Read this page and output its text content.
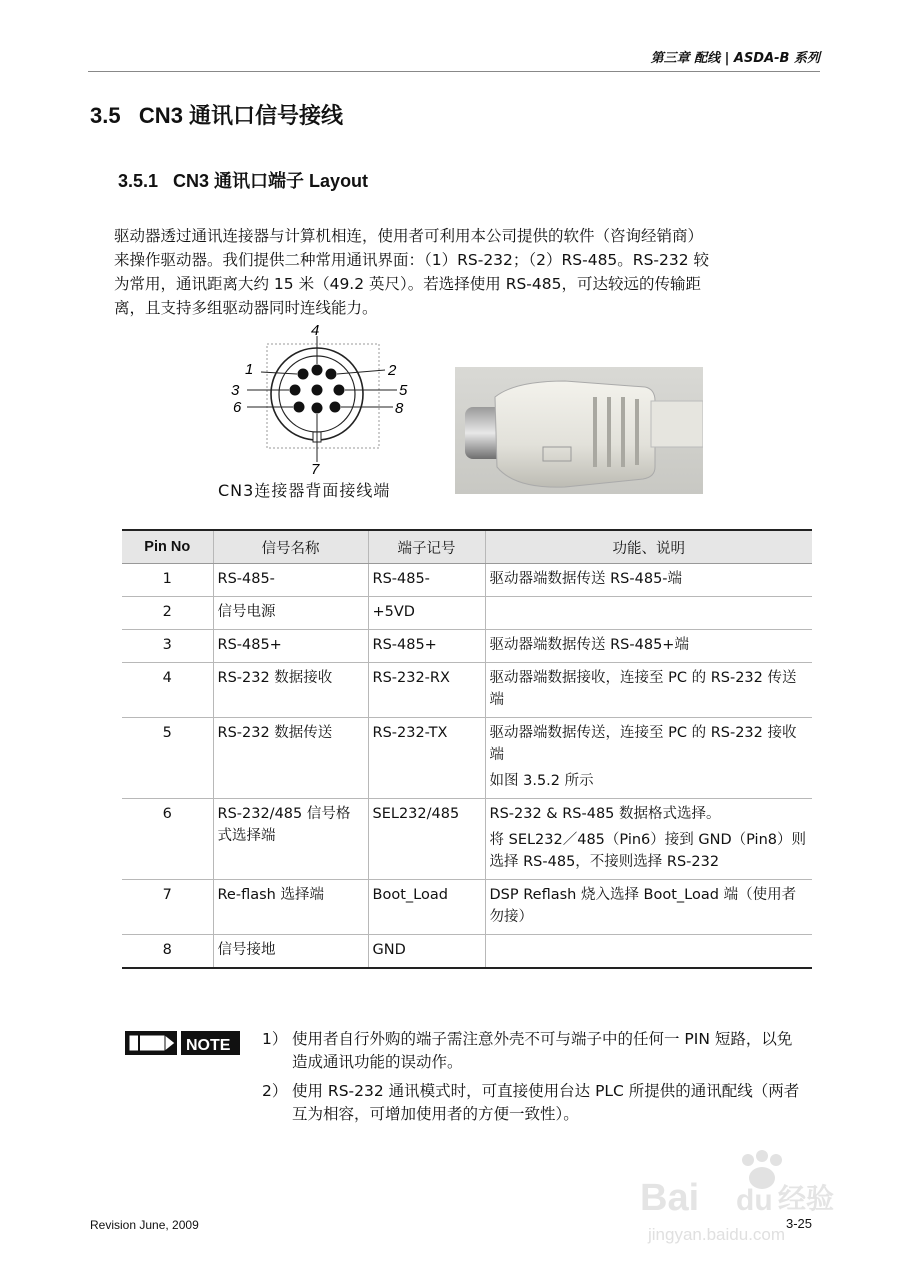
第三章 配线 | ASDA-B 系列
3.5   CN3 通讯口信号接线
3.5.1   CN3 通讯口端子 Layout
驱动器透过通讯连接器与计算机相连，使用者可利用本公司提供的软件（咨询经销商）
来操作驱动器。我们提供二种常用通讯界面：（1）RS-232；（2）RS-485。RS-232 较
为常用，通讯距离大约 15 米（49.2 英尺）。若选择使用 RS-485，可达较远的传输距
离，且支持多组驱动器同时连线能力。
4
1	2
3	5
6	8
7
CN3连接器背面接线端
Pin No	信号名称	端子记号	功能、说明
1	RS-485-	RS-485-	驱动器端数据传送 RS-485-端

2	信号电源	+5VD	
3	RS-485+	RS-485+	驱动器端数据传送 RS-485+端

4	RS-232 数据接收	RS-232-RX	驱动器端数据接收，连接至 PC 的 RS-232 传送端

5	RS-232 数据传送	RS-232-TX	驱动器端数据传送，连接至 PC 的 RS-232 接收端
如图 3.5.2 所示

6	RS-232/485 信号格式选择端	SEL232/485	RS-232 & RS-485 数据格式选择。
将 SEL232／485（Pin6）接到 GND（Pin8）则选择 RS-485，不接则选择 RS-232

7	Re-flash 选择端	Boot_Load	DSP Reflash 烧入选择 Boot_Load 端（使用者勿接）

8	信号接地	GND	
NOTE 1） 使用者自行外购的端子需注意外壳不可与端子中的任何一 PIN 短路，以免造成通讯功能的误动作。
2） 使用 RS-232 通讯模式时，可直接使用台达 PLC 所提供的通讯配线（两者互为相容，可增加使用者的方便一致性）。
Bai du 经验
jingyan.baidu.com
Revision June, 2009	3-25
